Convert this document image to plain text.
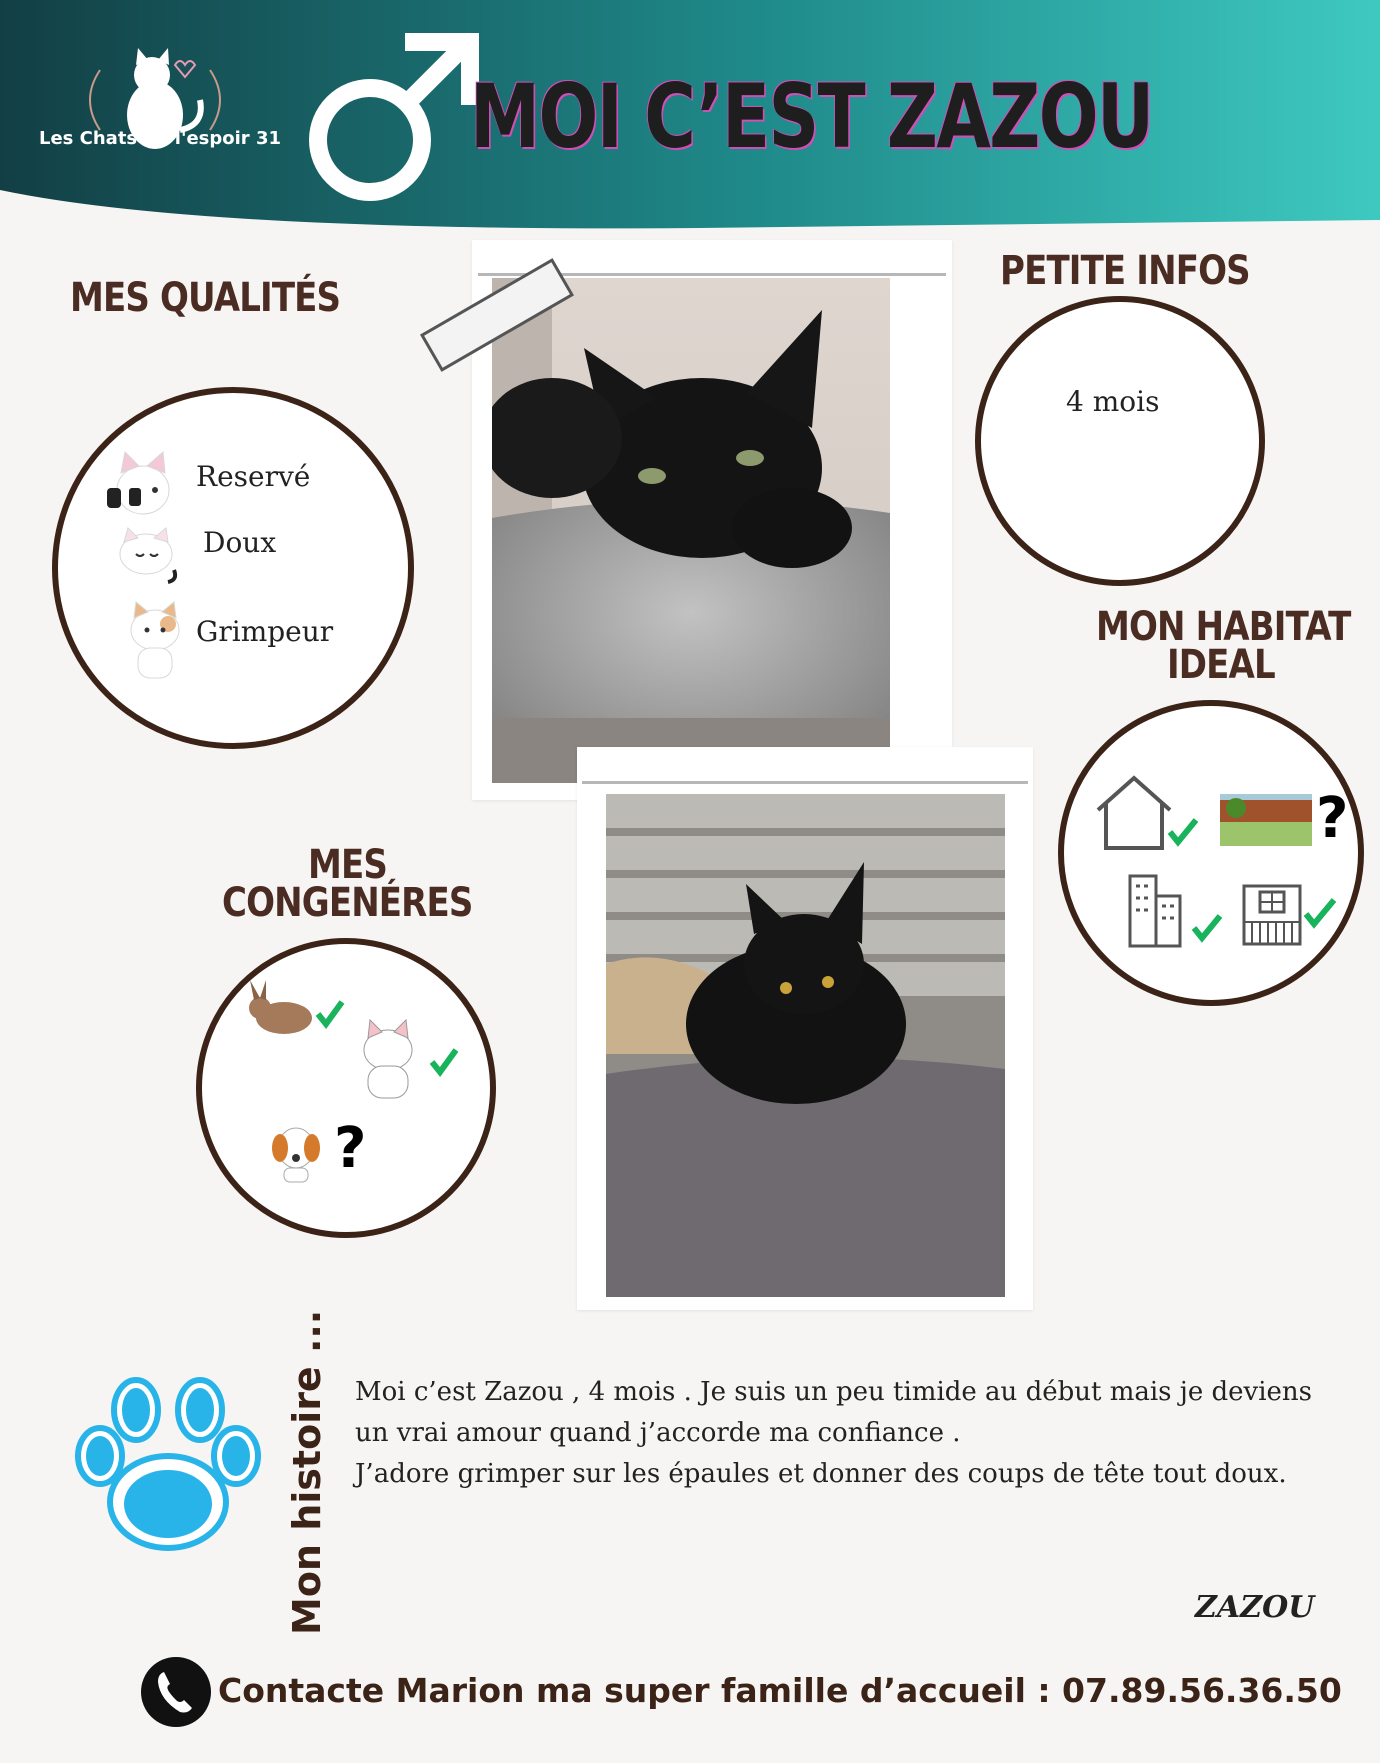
Les Chats de l'espoir 31 MOI C’EST ZAZOU
MES QUALITÉS
Reservé
Doux
Grimpeur
PETITE INFOS
4 mois
MON HABITAT
IDEAL
?
MES
CONGENÉRES
?
Mon histoire ... Moi c’est Zazou , 4 mois . Je suis un peu timide au début mais je deviens

un vrai amour quand j’accorde ma confiance .

J’adore grimper sur les épaules et donner des coups de tête tout doux.

ZAZOU
Contacte Marion ma super famille d’accueil : 07.89.56.36.50
